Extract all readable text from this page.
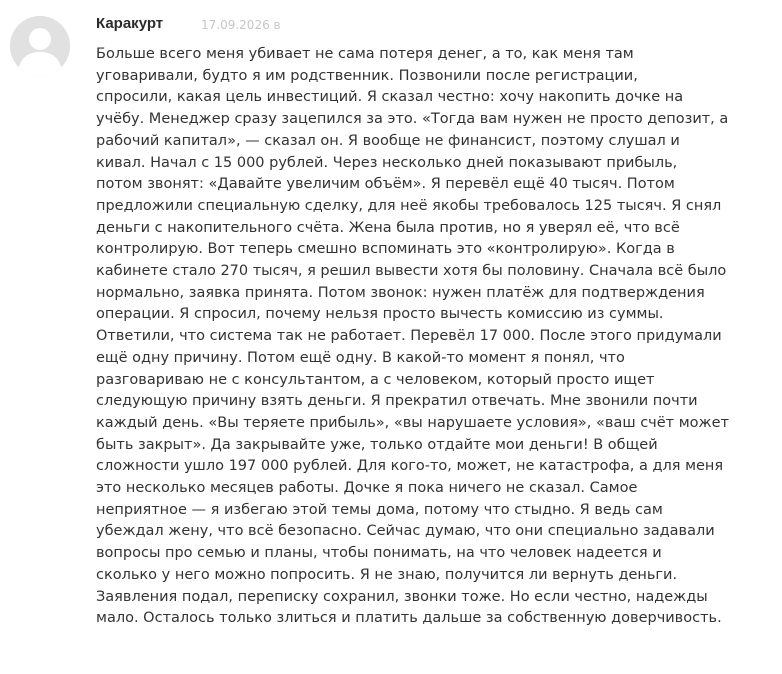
Каракурт	17.09.2026 в
Больше всего меня убивает не сама потеря денег, а то, как меня там
уговаривали, будто я им родственник. Позвонили после регистрации,
спросили, какая цель инвестиций. Я сказал честно: хочу накопить дочке на
учёбу. Менеджер сразу зацепился за это. «Тогда вам нужен не просто депозит, а
рабочий капитал», — сказал он. Я вообще не финансист, поэтому слушал и
кивал. Начал с 15 000 рублей. Через несколько дней показывают прибыль,
потом звонят: «Давайте увеличим объём». Я перевёл ещё 40 тысяч. Потом
предложили специальную сделку, для неё якобы требовалось 125 тысяч. Я снял
деньги с накопительного счёта. Жена была против, но я уверял её, что всё
контролирую. Вот теперь смешно вспоминать это «контролирую». Когда в
кабинете стало 270 тысяч, я решил вывести хотя бы половину. Сначала всё было
нормально, заявка принята. Потом звонок: нужен платёж для подтверждения
операции. Я спросил, почему нельзя просто вычесть комиссию из суммы.
Ответили, что система так не работает. Перевёл 17 000. После этого придумали
ещё одну причину. Потом ещё одну. В какой-то момент я понял, что
разговариваю не с консультантом, а с человеком, который просто ищет
следующую причину взять деньги. Я прекратил отвечать. Мне звонили почти
каждый день. «Вы теряете прибыль», «вы нарушаете условия», «ваш счёт может
быть закрыт». Да закрывайте уже, только отдайте мои деньги! В общей
сложности ушло 197 000 рублей. Для кого-то, может, не катастрофа, а для меня
это несколько месяцев работы. Дочке я пока ничего не сказал. Самое
неприятное — я избегаю этой темы дома, потому что стыдно. Я ведь сам
убеждал жену, что всё безопасно. Сейчас думаю, что они специально задавали
вопросы про семью и планы, чтобы понимать, на что человек надеется и
сколько у него можно попросить. Я не знаю, получится ли вернуть деньги.
Заявления подал, переписку сохранил, звонки тоже. Но если честно, надежды
мало. Осталось только злиться и платить дальше за собственную доверчивость.
